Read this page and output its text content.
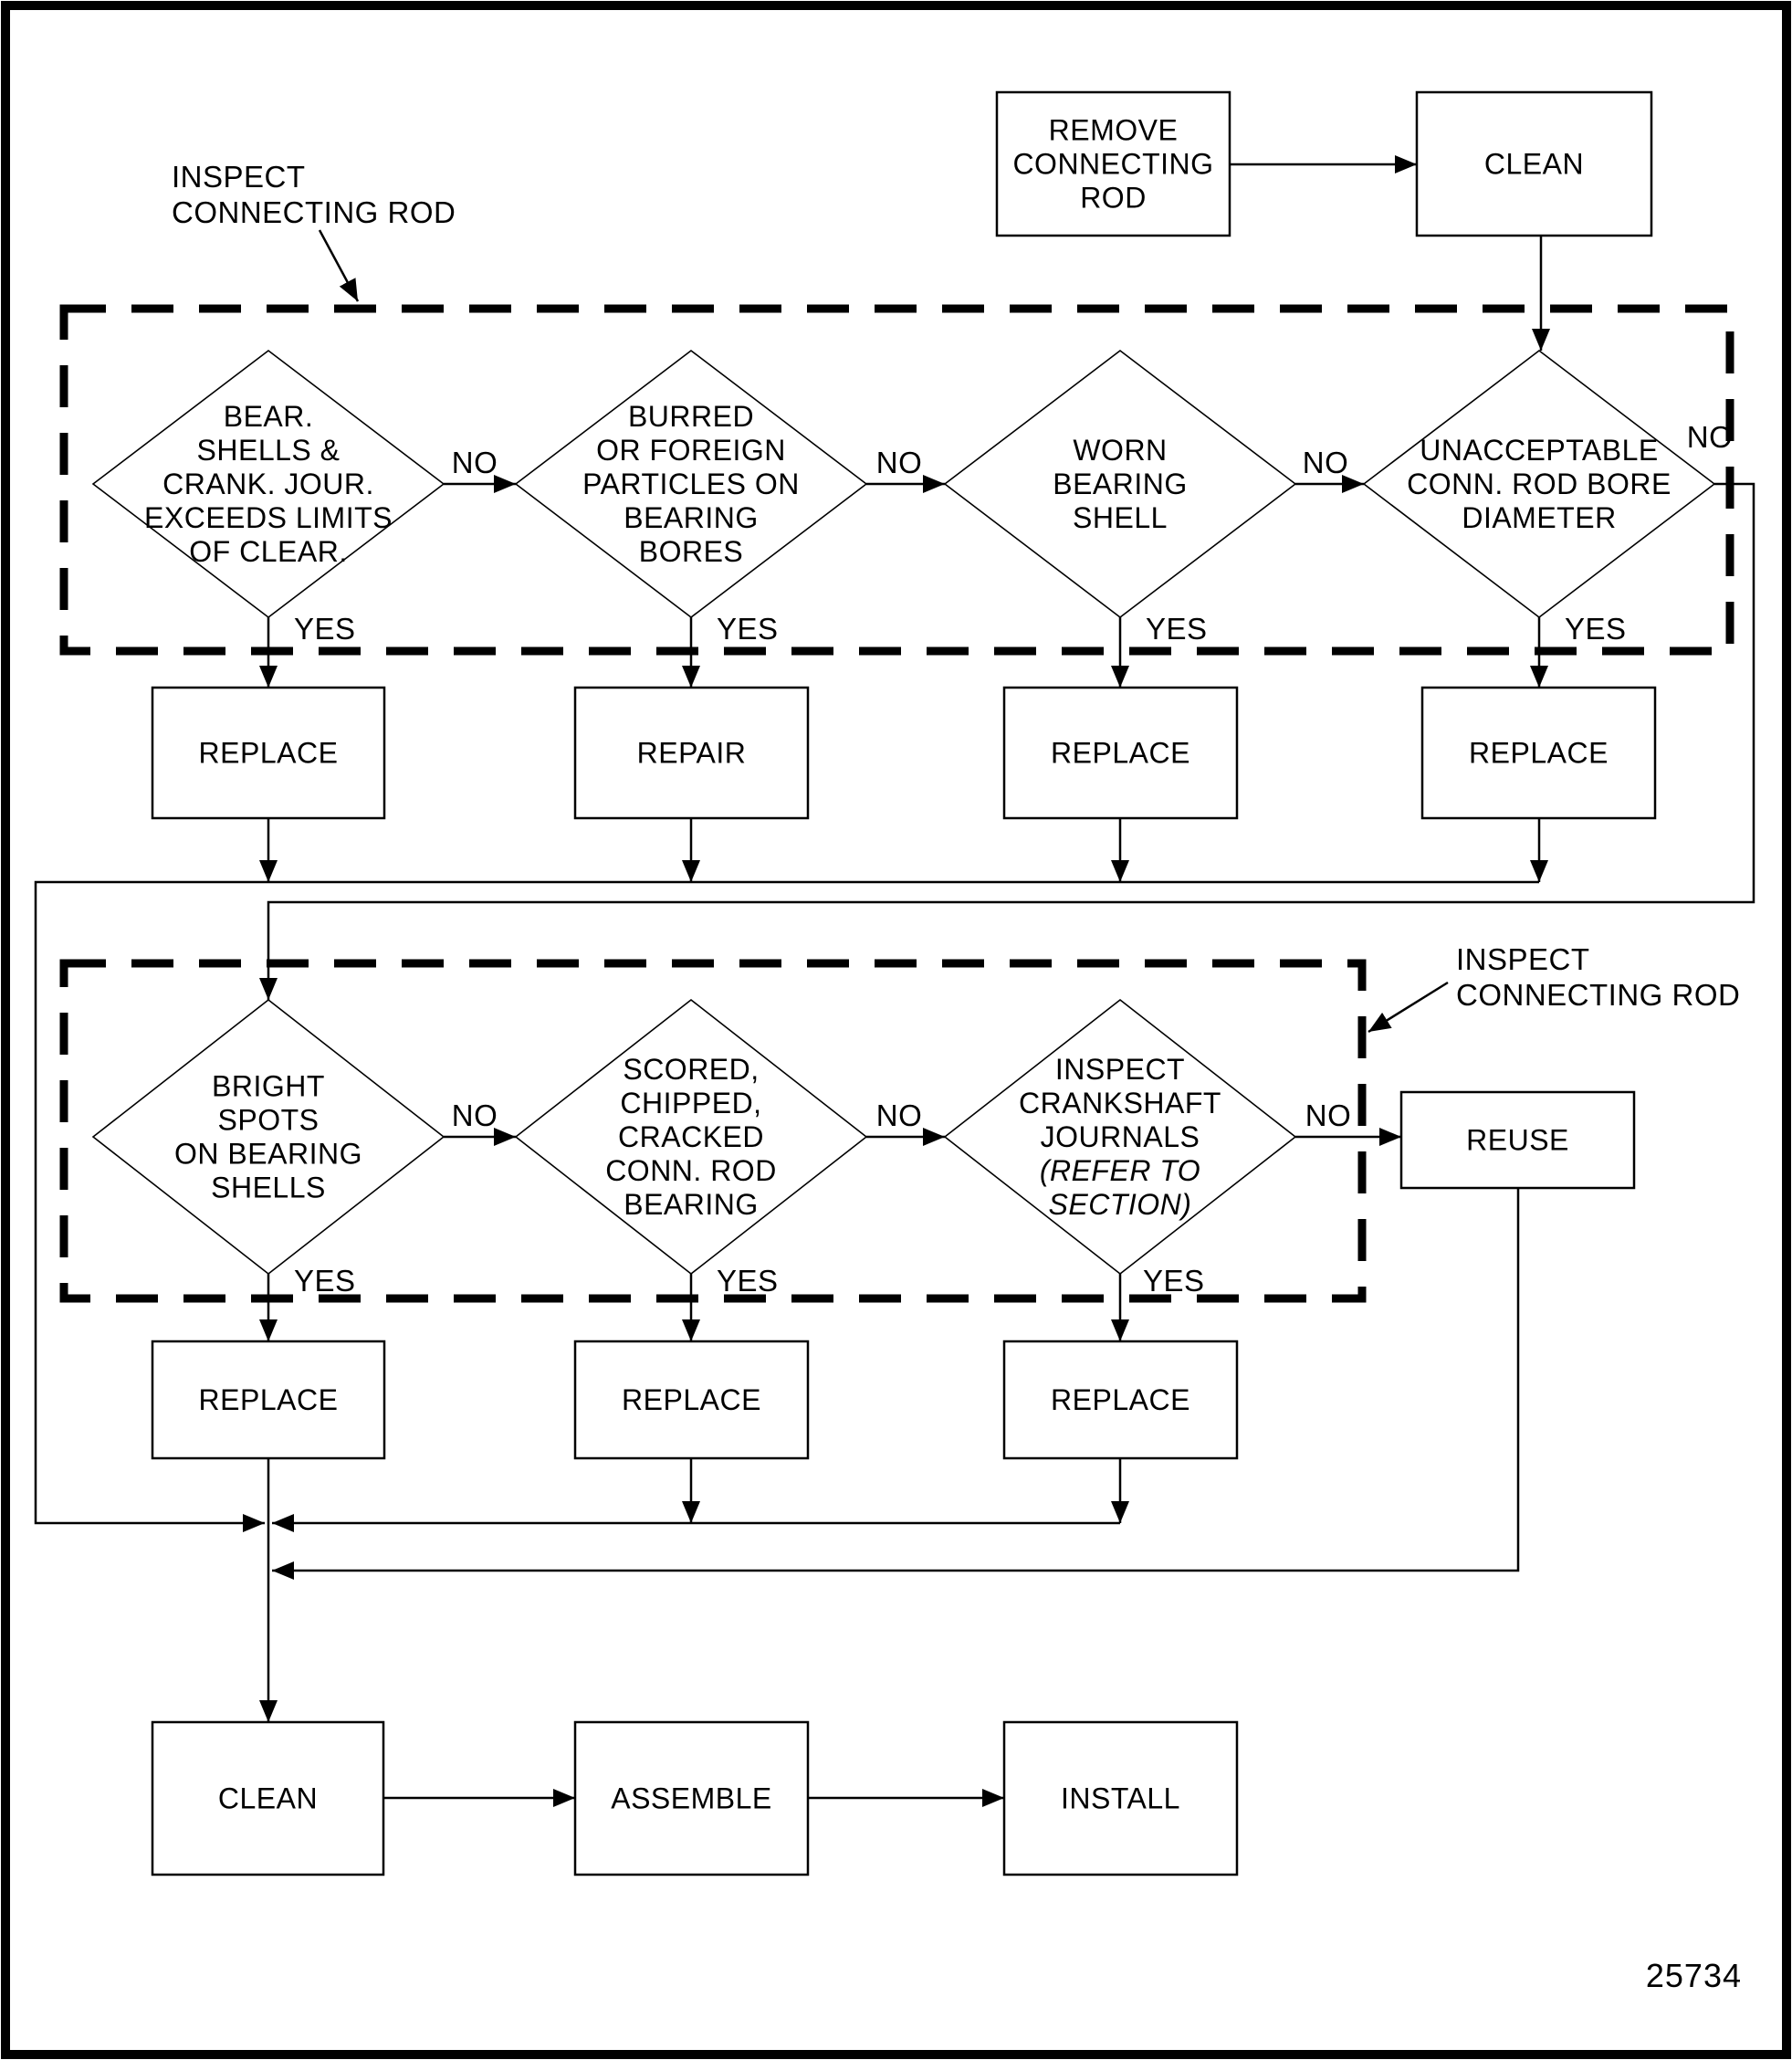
INSPECT
CONNECTING ROD
INSPECT
CONNECTING ROD
REMOVE
CONNECTING
ROD
CLEAN
BEAR.
SHELLS &
CRANK. JOUR.
EXCEEDS LIMITS
OF CLEAR.
BURRED
OR FOREIGN
PARTICLES ON
BEARING
BORES
WORN
BEARING
SHELL
UNACCEPTABLE
CONN. ROD BORE
DIAMETER
REPLACE	REPAIR	REPLACE	REPLACE
BRIGHT
SPOTS
ON BEARING
SHELLS
SCORED,
CHIPPED,
CRACKED
CONN. ROD
BEARING
INSPECT
CRANKSHAFT
JOURNALS
(REFER TO
SECTION)
REUSE
REPLACE	REPLACE	REPLACE
CLEAN	ASSEMBLE	INSTALL
NO	NO	NO
NO
YES	YES	YES	YES
NO	NO	NO
YES	YES	YES
25734
